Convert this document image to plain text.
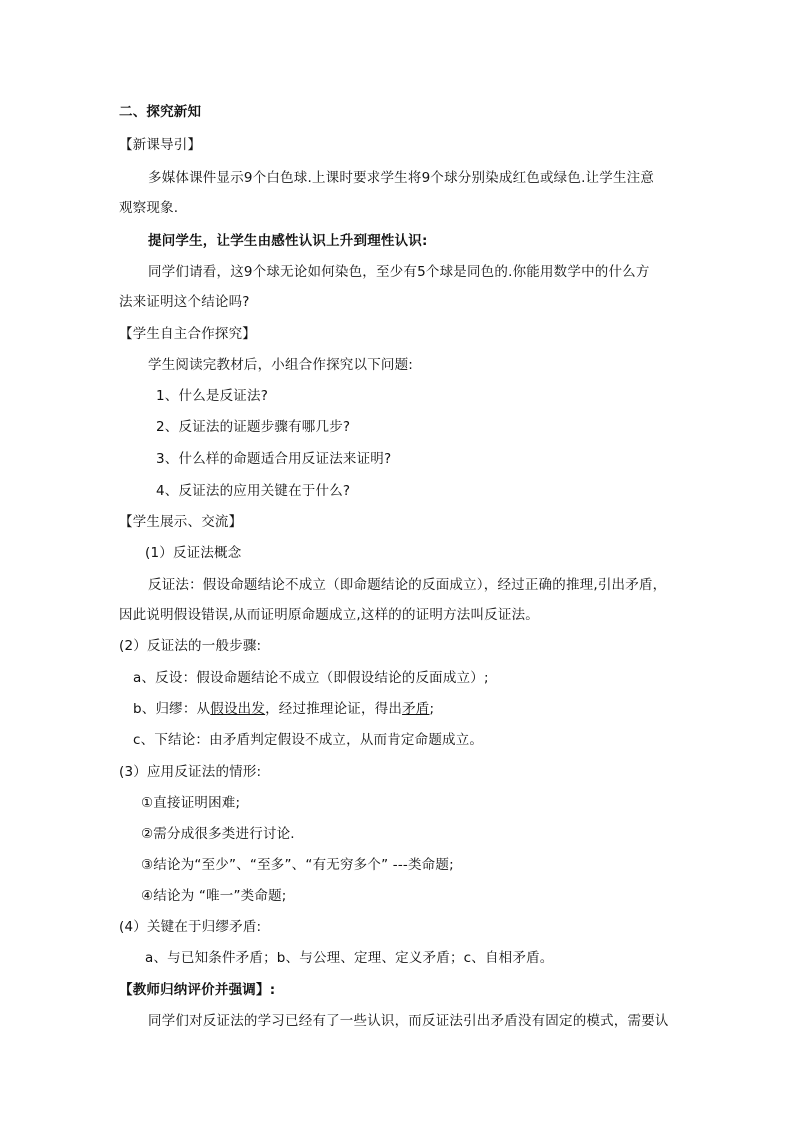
二、探究新知
【新课导引】
多媒体课件显示9个白色球.上课时要求学生将9个球分别染成红色或绿色.让学生注意
观察现象.
提问学生，让学生由感性认识上升到理性认识:
同学们请看，这9个球无论如何染色，至少有5个球是同色的.你能用数学中的什么方
法来证明这个结论吗?
【学生自主合作探究】
学生阅读完教材后，小组合作探究以下问题:
1、什么是反证法?
2、反证法的证题步骤有哪几步?
3、什么样的命题适合用反证法来证明?
4、反证法的应用关键在于什么?
【学生展示、交流】
(1）反证法概念
反证法：假设命题结论不成立（即命题结论的反面成立），经过正确的推理,引出矛盾，
因此说明假设错误,从而证明原命题成立,这样的的证明方法叫反证法。
(2）反证法的一般步骤:
a、反设：假设命题结论不成立（即假设结论的反面成立）;
b、归缪：从假设出发，经过推理论证，得出矛盾;
c、下结论：由矛盾判定假设不成立，从而肯定命题成立。
(3）应用反证法的情形:
①直接证明困难;
②需分成很多类进行讨论.
③结论为“至少”、“至多”、“有无穷多个” ---类命题;
④结论为 “唯一”类命题;
(4）关键在于归缪矛盾:
a、与已知条件矛盾；b、与公理、定理、定义矛盾；c、自相矛盾。
【教师归纳评价并强调】:
同学们对反证法的学习已经有了一些认识，而反证法引出矛盾没有固定的模式，需要认
